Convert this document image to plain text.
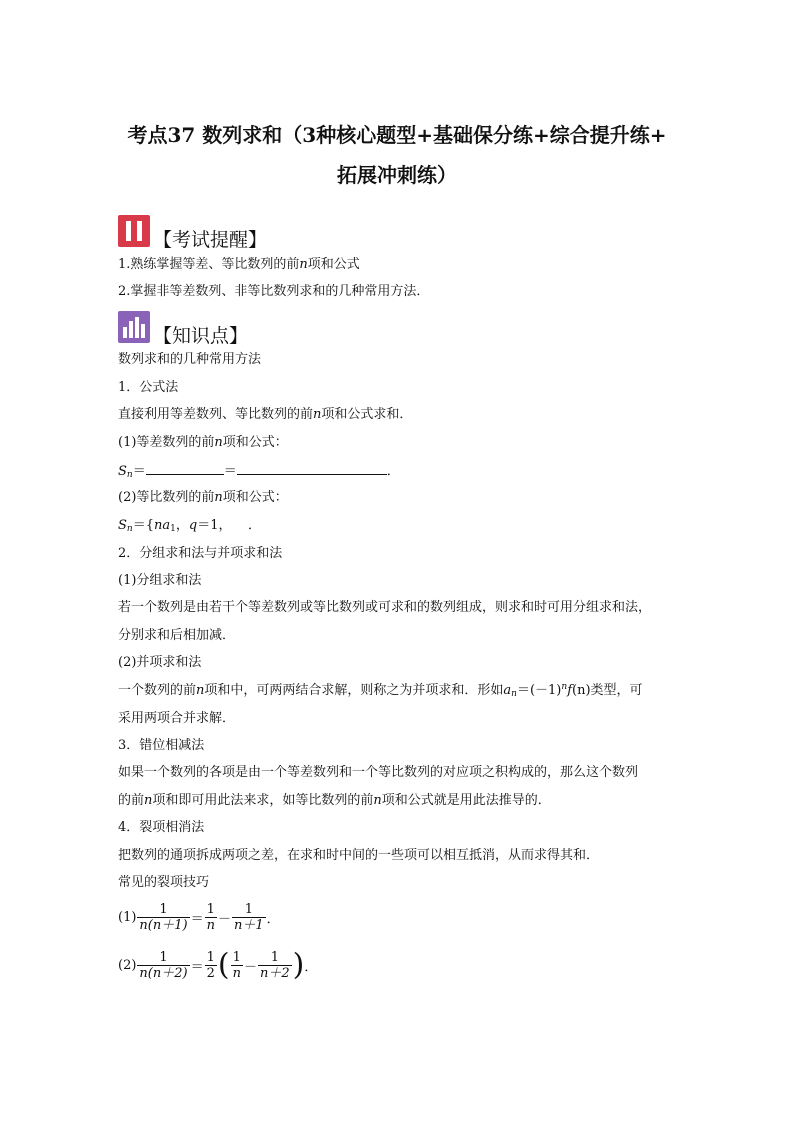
考点37 数列求和（3种核心题型+基础保分练+综合提升练+
拓展冲刺练）
【考试提醒】
1.熟练掌握等差、等比数列的前n项和公式
2.掌握非等差数列、非等比数列求和的几种常用方法．
【知识点】
数列求和的几种常用方法
1．公式法
直接利用等差数列、等比数列的前n项和公式求和．
(1)等差数列的前n项和公式：
$S_n=$	＝	．
(2)等比数列的前n项和公式：
$S_n=\{na_1$，q＝1， ．
2．分组求和法与并项求和法
(1)分组求和法
若一个数列是由若干个等差数列或等比数列或可求和的数列组成，则求和时可用分组求和法，
分别求和后相加减．
(2)并项求和法
一个数列的前n项和中，可两两结合求解，则称之为并项求和．形如$a_n=(-1)^nf(n)$类型，可
采用两项合并求解．
3．错位相减法
如果一个数列的各项是由一个等差数列和一个等比数列的对应项之积构成的，那么这个数列
的前n项和即可用此法来求，如等比数列的前n项和公式就是用此法推导的．
4．裂项相消法
把数列的通项拆成两项之差，在求和时中间的一些项可以相互抵消，从而求得其和．
常见的裂项技巧
$(1) \frac{1}{n(n+1)} = \frac{1}{n} - \frac{1}{n+1}$ ．
$(2) \frac{1}{n(n+2)} = \frac{1}{2}$ ( $\frac{1}{n} - \frac{1}{n+2}$ )．
